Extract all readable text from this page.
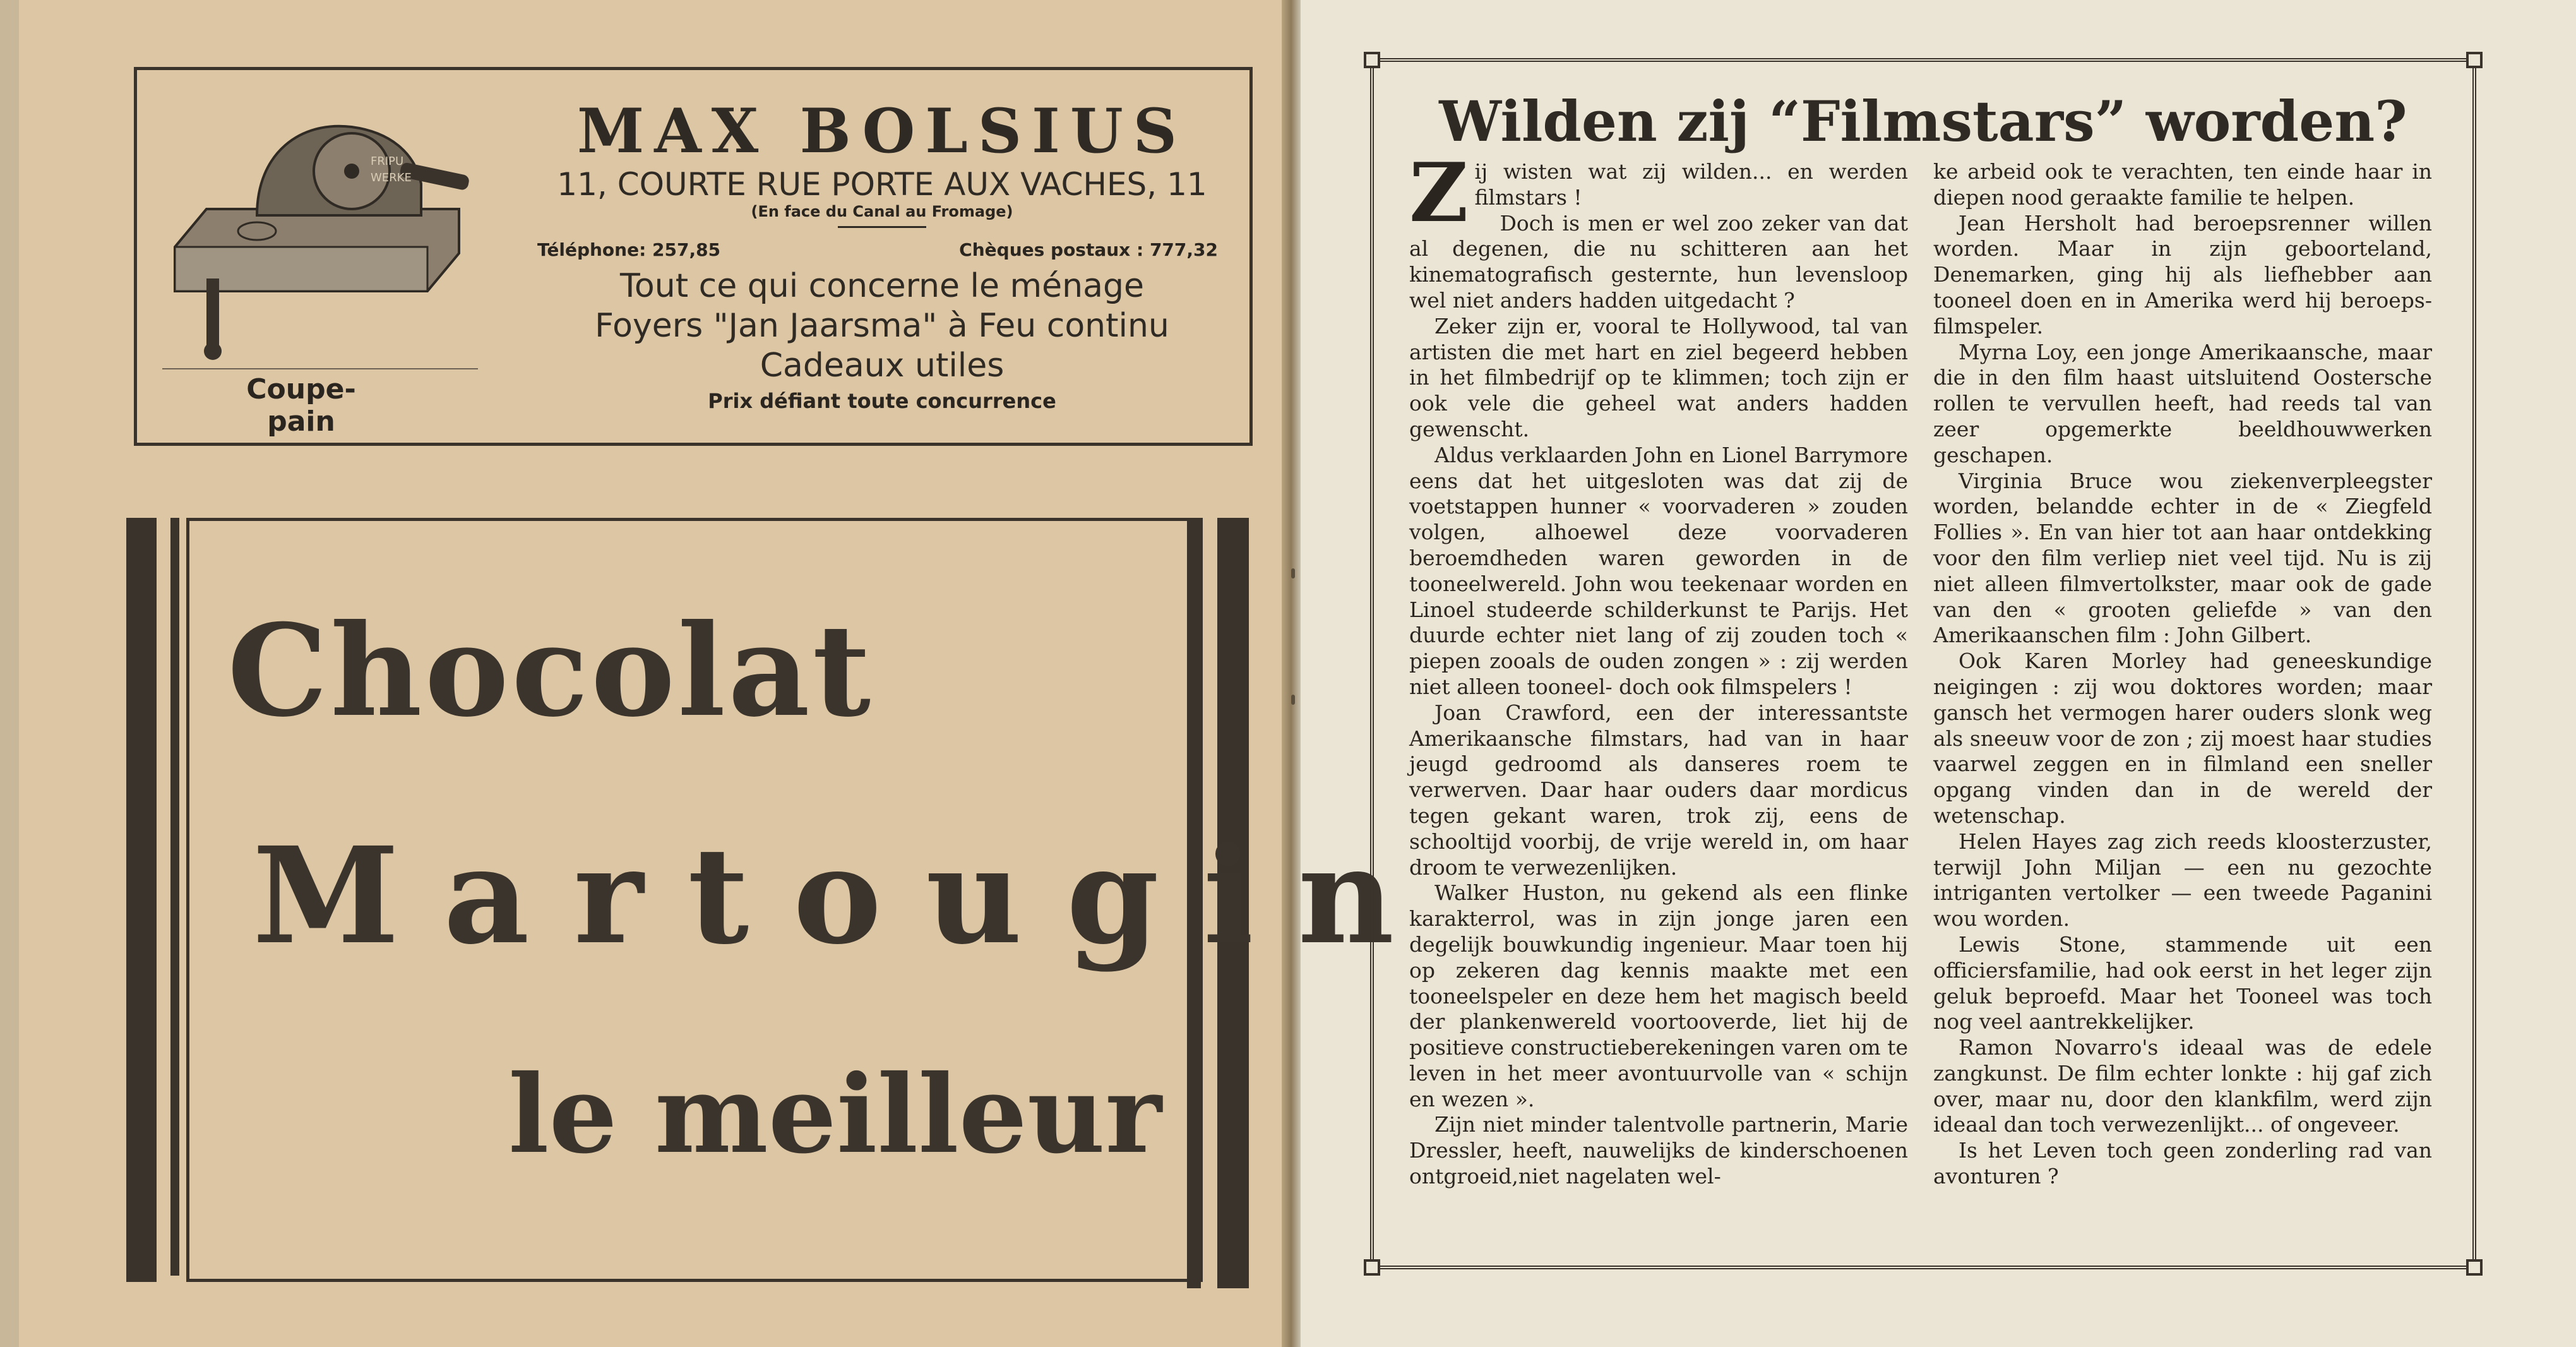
FRIPU
WERKE
Coupe-pain
MAX BOLSIUS
11, COURTE RUE PORTE AUX VACHES, 11
(En face du Canal au Fromage)
Téléphone: 257,85	Chèques postaux : 777,32
Tout ce qui concerne le ménage
Foyers "Jan Jaarsma" à Feu continu
Cadeaux utiles
Prix défiant toute concurrence
Chocolat
Martougin
le meilleur
Wilden zij “Filmstars” worden?

Zij wisten wat zij wilden... en werden filmstars !

Doch is men er wel zoo zeker van dat al degenen, die nu schitteren aan het kinematografisch gesternte, hun levensloop wel niet anders hadden uitgedacht ?

Zeker zijn er, vooral te Hollywood, tal van artisten die met hart en ziel begeerd hebben in het filmbedrijf op te klimmen; toch zijn er ook vele die geheel wat anders hadden gewenscht.

Aldus verklaarden John en Lionel Barrymore eens dat het uitgesloten was dat zij de voetstappen hunner « voorvaderen » zouden volgen, alhoewel deze voorvaderen beroemdheden waren geworden in de tooneelwereld. John wou teekenaar worden en Linoel studeerde schilderkunst te Parijs. Het duurde echter niet lang of zij zouden toch « piepen zooals de ouden zongen » : zij werden niet alleen tooneel- doch ook filmspelers !

Joan Crawford, een der interessantste Amerikaansche filmstars, had van in haar jeugd gedroomd als danseres roem te verwerven. Daar haar ouders daar mordicus tegen gekant waren, trok zij, eens de schooltijd voorbij, de vrije wereld in, om haar droom te verwezenlijken.

Walker Huston, nu gekend als een flinke karakterrol, was in zijn jonge jaren een degelijk bouwkundig ingenieur. Maar toen hij op zekeren dag kennis maakte met een tooneelspeler en deze hem het magisch beeld der plankenwereld voortooverde, liet hij de positieve constructieberekeningen varen om te leven in het meer avontuurvolle van « schijn en wezen ».

Zijn niet minder talentvolle partnerin, Marie Dressler, heeft, nauwelijks de kinderschoenen ontgroeid,niet nagelaten wel-

ke arbeid ook te verachten, ten einde haar in diepen nood geraakte familie te helpen.

Jean Hersholt had beroepsrenner willen worden. Maar in zijn geboorteland, Denemarken, ging hij als liefhebber aan tooneel doen en in Amerika werd hij beroeps-filmspeler.

Myrna Loy, een jonge Amerikaansche, maar die in den film haast uitsluitend Oostersche rollen te vervullen heeft, had reeds tal van zeer opgemerkte beeldhouwwerken geschapen.

Virginia Bruce wou ziekenverpleegster worden, belandde echter in de « Ziegfeld Follies ». En van hier tot aan haar ontdekking voor den film verliep niet veel tijd. Nu is zij niet alleen filmvertolkster, maar ook de gade van den « grooten geliefde » van den Amerikaanschen film : John Gilbert.

Ook Karen Morley had geneeskundige neigingen : zij wou doktores worden; maar gansch het vermogen harer ouders slonk weg als sneeuw voor de zon ; zij moest haar studies vaarwel zeggen en in filmland een sneller opgang vinden dan in de wereld der wetenschap.

Helen Hayes zag zich reeds kloosterzuster, terwijl John Miljan — een nu gezochte intriganten vertolker — een tweede Paganini wou worden.

Lewis Stone, stammende uit een officiersfamilie, had ook eerst in het leger zijn geluk beproefd. Maar het Tooneel was toch nog veel aantrekkelijker.

Ramon Novarro's ideaal was de edele zangkunst. De film echter lonkte : hij gaf zich over, maar nu, door den klankfilm, werd zijn ideaal dan toch verwezenlijkt... of ongeveer.

Is het Leven toch geen zonderling rad van avonturen ?
